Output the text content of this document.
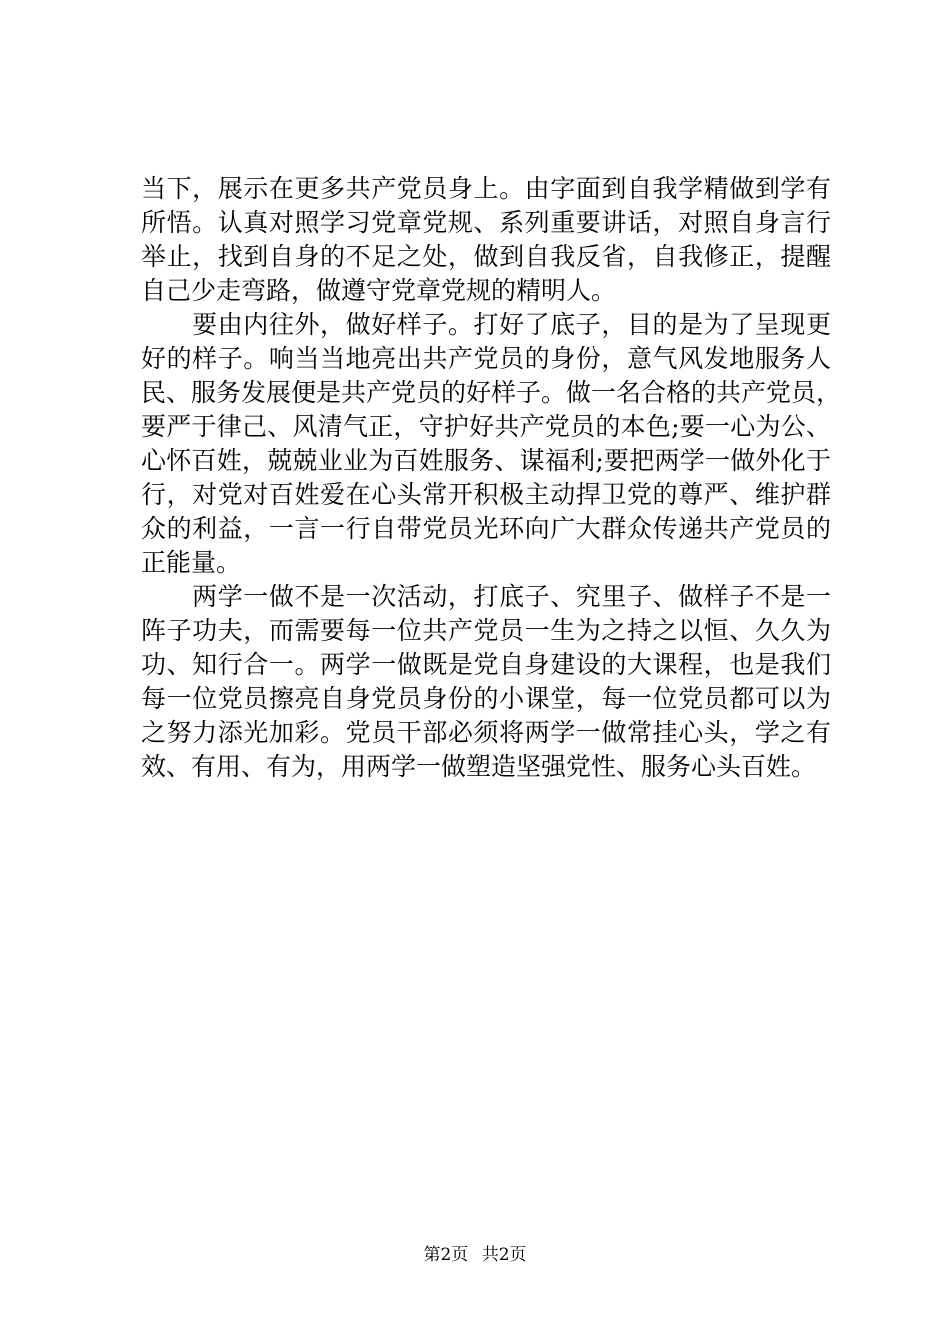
当下，展示在更多共产党员身上。由字面到自我学精做到学有
所悟。认真对照学习党章党规、系列重要讲话，对照自身言行
举止，找到自身的不足之处，做到自我反省，自我修正，提醒
自己少走弯路，做遵守党章党规的精明人。
　　要由内往外，做好样子。打好了底子，目的是为了呈现更
好的样子。响当当地亮出共产党员的身份，意气风发地服务人
民、服务发展便是共产党员的好样子。做一名合格的共产党员，
要严于律己、风清气正，守护好共产党员的本色;要一心为公、
心怀百姓，兢兢业业为百姓服务、谋福利;要把两学一做外化于
行，对党对百姓爱在心头常开积极主动捍卫党的尊严、维护群
众的利益，一言一行自带党员光环向广大群众传递共产党员的
正能量。
　　两学一做不是一次活动，打底子、究里子、做样子不是一
阵子功夫，而需要每一位共产党员一生为之持之以恒、久久为
功、知行合一。两学一做既是党自身建设的大课程，也是我们
每一位党员擦亮自身党员身份的小课堂，每一位党员都可以为
之努力添光加彩。党员干部必须将两学一做常挂心头，学之有
效、有用、有为，用两学一做塑造坚强党性、服务心头百姓。
第2页 共2页
